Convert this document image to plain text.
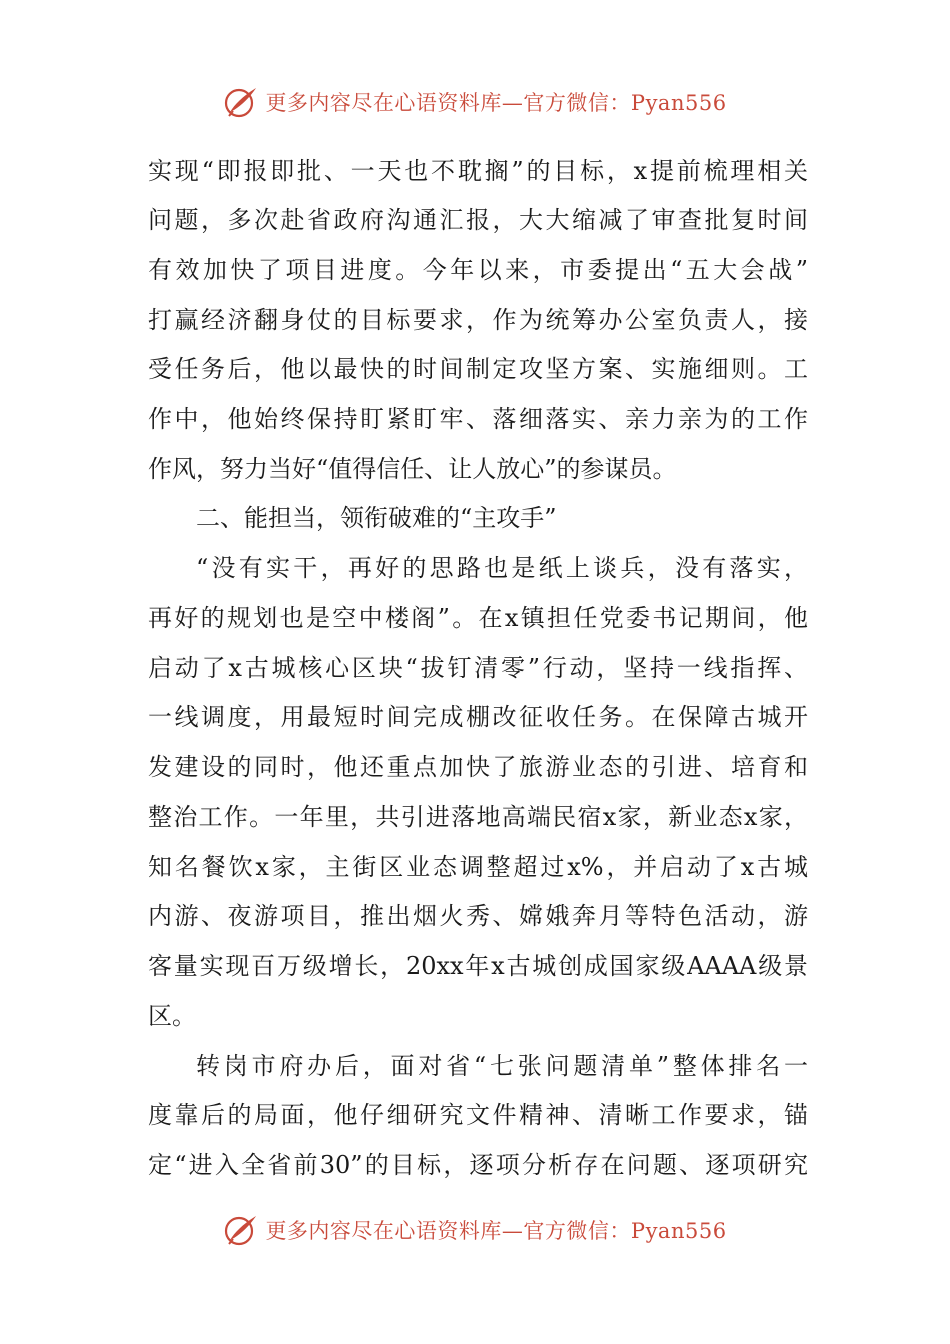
更多内容尽在心语资料库—官方微信：Pyan556
实现“即报即批、一天也不耽搁”的目标，x提前梳理相关
问题，多次赴省政府沟通汇报，大大缩减了审查批复时间
有效加快了项目进度。今年以来，市委提出“五大会战”
打赢经济翻身仗的目标要求，作为统筹办公室负责人，接
受任务后，他以最快的时间制定攻坚方案、实施细则。工
作中，他始终保持盯紧盯牢、落细落实、亲力亲为的工作
作风，努力当好“值得信任、让人放心”的参谋员。
二、能担当，领衔破难的“主攻手”
“没有实干，再好的思路也是纸上谈兵，没有落实，
再好的规划也是空中楼阁”。在x镇担任党委书记期间，他
启动了x古城核心区块“拔钉清零”行动，坚持一线指挥、
一线调度，用最短时间完成棚改征收任务。在保障古城开
发建设的同时，他还重点加快了旅游业态的引进、培育和
整治工作。一年里，共引进落地高端民宿x家，新业态x家，
知名餐饮x家，主街区业态调整超过x%，并启动了x古城
内游、夜游项目，推出烟火秀、嫦娥奔月等特色活动，游
客量实现百万级增长，20xx年x古城创成国家级AAAA级景
区。
转岗市府办后，面对省“七张问题清单”整体排名一
度靠后的局面，他仔细研究文件精神、清晰工作要求，锚
定“进入全省前30”的目标，逐项分析存在问题、逐项研究
更多内容尽在心语资料库—官方微信：Pyan556
